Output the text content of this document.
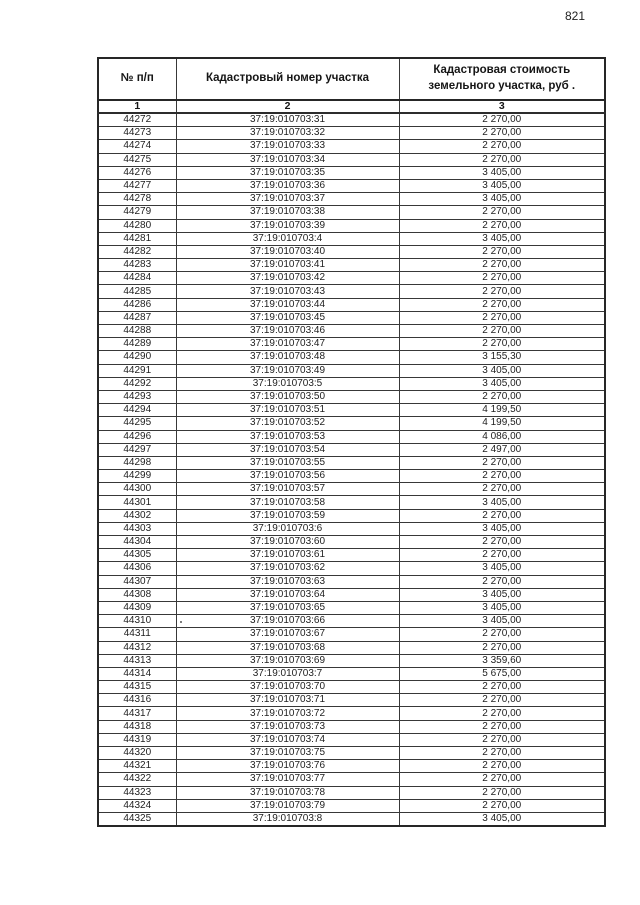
821
№ п/п	Кадастровый номер участка	Кадастровая стоимость земельного участка, руб .
1	2	3
44272	37:19:010703:31	2 270,00
44273	37:19:010703:32	2 270,00
44274	37:19:010703:33	2 270,00
44275	37:19:010703:34	2 270,00
44276	37:19:010703:35	3 405,00
44277	37:19:010703:36	3 405,00
44278	37:19:010703:37	3 405,00
44279	37:19:010703:38	2 270,00
44280	37:19:010703:39	2 270,00
44281	37:19:010703:4	3 405,00
44282	37:19:010703:40	2 270,00
44283	37:19:010703:41	2 270,00
44284	37:19:010703:42	2 270,00
44285	37:19:010703:43	2 270,00
44286	37:19:010703:44	2 270,00
44287	37:19:010703:45	2 270,00
44288	37:19:010703:46	2 270,00
44289	37:19:010703:47	2 270,00
44290	37:19:010703:48	3 155,30
44291	37:19:010703:49	3 405,00
44292	37:19:010703:5	3 405,00
44293	37:19:010703:50	2 270,00
44294	37:19:010703:51	4 199,50
44295	37:19:010703:52	4 199,50
44296	37:19:010703:53	4 086,00
44297	37:19:010703:54	2 497,00
44298	37:19:010703:55	2 270,00
44299	37:19:010703:56	2 270,00
44300	37:19:010703:57	2 270,00
44301	37:19:010703:58	3 405,00
44302	37:19:010703:59	2 270,00
44303	37:19:010703:6	3 405,00
44304	37:19:010703:60	2 270,00
44305	37:19:010703:61	2 270,00
44306	37:19:010703:62	3 405,00
44307	37:19:010703:63	2 270,00
44308	37:19:010703:64	3 405,00
44309	37:19:010703:65	3 405,00
44310	37:19:010703:66	3 405,00
44311	37:19:010703:67	2 270,00
44312	37:19:010703:68	2 270,00
44313	37:19:010703:69	3 359,60
44314	37:19:010703:7	5 675,00
44315	37:19:010703:70	2 270,00
44316	37:19:010703:71	2 270,00
44317	37:19:010703:72	2 270,00
44318	37:19:010703:73	2 270,00
44319	37:19:010703:74	2 270,00
44320	37:19:010703:75	2 270,00
44321	37:19:010703:76	2 270,00
44322	37:19:010703:77	2 270,00
44323	37:19:010703:78	2 270,00
44324	37:19:010703:79	2 270,00
44325	37:19:010703:8	3 405,00
